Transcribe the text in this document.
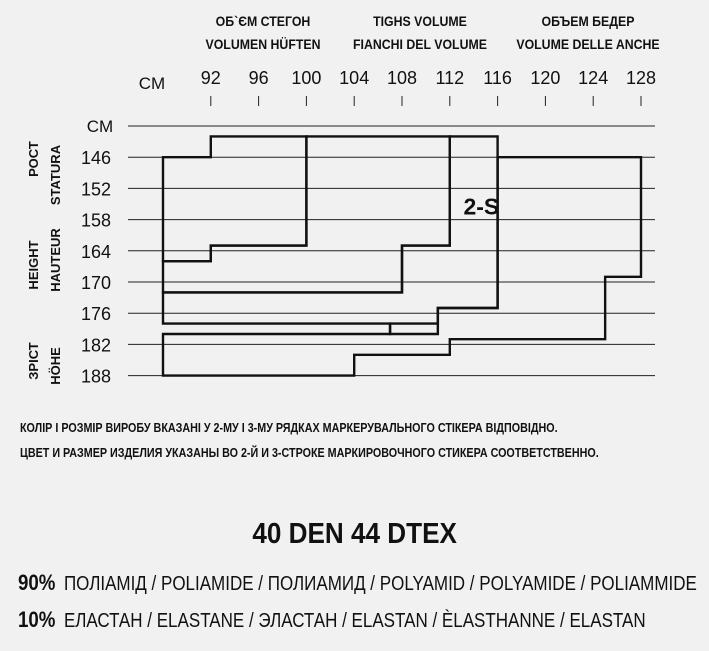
ОБ`ЄМ СТЕГОН
VOLUMEN HÜFTEN
TIGHS VOLUME
FIANCHI DEL VOLUME
ОБЪЕМ БЕДЕР
VOLUME DELLE ANCHE
CM 92 96 100 104 108 112 116 120 124 128
CM
146
152
158
164
170
176
182
188
РОСТ STATURA
HEIGHT HAUTEUR
ЗРІСТ HÖHE
2-S
КОЛІР І РОЗМІР ВИРОБУ ВКАЗАНІ У 2-МУ І 3-МУ РЯДКАХ МАРКЕРУВАЛЬНОГО СТІКЕРА ВІДПОВІДНО.
ЦВЕТ И РАЗМЕР ИЗДЕЛИЯ УКАЗАНЫ ВО 2-Й И 3-СТРОКЕ МАРКИРОВОЧНОГО СТИКЕРА СООТВЕТСТВЕННО.
40 DEN 44 DTEX
90% ПОЛІАМІД / POLIAMIDE / ПОЛИАМИД / POLYAMID / POLYAMIDE / POLIAMMIDE
10% ЕЛАСТАН / ELASTANE / ЭЛАСТАН / ELASTAN / ÈLASTHANNE / ELASTAN
